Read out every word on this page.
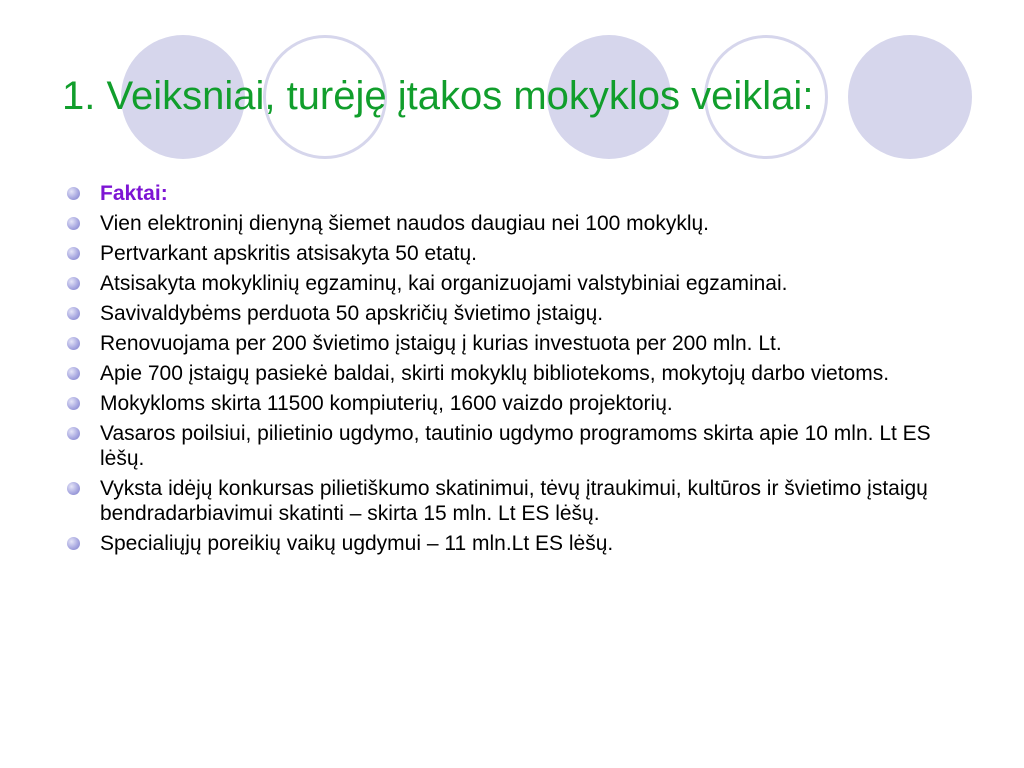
1. Veiksniai, turėję įtakos mokyklos veiklai:
Faktai:
Vien elektroninį dienyną šiemet naudos daugiau nei 100 mokyklų.
Pertvarkant apskritis atsisakyta 50 etatų.
Atsisakyta mokyklinių egzaminų, kai organizuojami valstybiniai egzaminai.
Savivaldybėms perduota 50 apskričių švietimo įstaigų.
Renovuojama per 200 švietimo įstaigų į kurias investuota per 200 mln. Lt.
Apie 700 įstaigų pasiekė baldai, skirti mokyklų bibliotekoms, mokytojų darbo vietoms.
Mokykloms skirta 11500 kompiuterių, 1600 vaizdo projektorių.
Vasaros poilsiui, pilietinio ugdymo, tautinio ugdymo programoms skirta apie 10 mln. Lt ES lėšų.
Vyksta idėjų konkursas pilietiškumo skatinimui, tėvų įtraukimui, kultūros ir švietimo įstaigų bendradarbiavimui skatinti – skirta 15 mln. Lt ES lėšų.
Specialiųjų poreikių vaikų ugdymui – 11 mln.Lt ES lėšų.
